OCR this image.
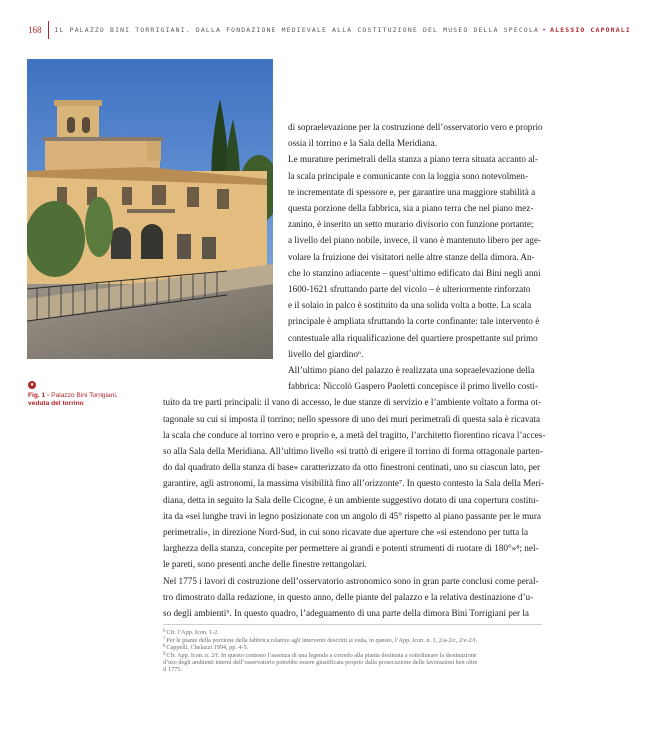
168 IL PALAZZO BINI TORRIGIANI. DALLA FONDAZIONE MEDIEVALE ALLA COSTITUZIONE DEL MUSEO DELLA SPECOLA • ALESSIO CAPORALI
●
Fig. 1 - Palazzo Bini Torrigiani,
veduta del torrino
di sopraelevazione per la costruzione dell’osservatorio vero e proprio
ossia il torrino e la Sala della Meridiana.
Le murature perimetrali della stanza a piano terra situata accanto al-
la scala principale e comunicante con la loggia sono notevolmen-
te incrementate di spessore e, per garantire una maggiore stabilità a
questa porzione della fabbrica, sia a piano terra che nel piano mez-
zanino, è inserito un setto murario divisorio con funzione portante;
a livello del piano nobile, invece, il vano è mantenuto libero per age-
volare la fruizione dei visitatori nelle altre stanze della dimora. An-
che lo stanzino adiacente – quest’ultimo edificato dai Bini negli anni
1600-1621 sfruttando parte del vicolo – è ulteriormente rinforzato
e il solaio in palco è sostituito da una solida volta a botte. La scala
principale è ampliata sfruttando la corte confinante: tale intervento è
contestuale alla riqualificazione del quartiere prospettante sul primo
livello del giardino⁶.
All’ultimo piano del palazzo è realizzata una sopraelevazione della
fabbrica: Niccolò Gaspero Paoletti concepisce il primo livello costi-
tuito da tre parti principali: il vano di accesso, le due stanze di servizio e l’ambiente voltato a forma ot-
tagonale su cui si imposta il torrino; nello spessore di uno dei muri perimetrali di questa sala è ricavata
la scala che conduce al torrino vero e proprio e, a metà del tragitto, l’architetto fiorentino ricava l’acces-
so alla Sala della Meridiana. All’ultimo livello «si trattò di erigere il torrino di forma ottagonale parten-
do dal quadrato della stanza di base» caratterizzato da otto finestroni centinati, uno su ciascun lato, per
garantire, agli astronomi, la massima visibilità fino all’orizzonte⁷. In questo contesto la Sala della Meri-
diana, detta in seguito la Sala delle Cicogne, è un ambiente suggestivo dotato di una copertura costitu-
ita da «sei lunghe travi in legno posizionate con un angolo di 45° rispetto al piano passante per le mura
perimetrali», in direzione Nord-Sud, in cui sono ricavate due aperture che «si estendono per tutta la
larghezza della stanza, concepite per permettere ai grandi e potenti strumenti di ruotare di 180°»⁸; nel-
le pareti, sono presenti anche delle finestre rettangolari.
Nel 1775 i lavori di costruzione dell’osservatorio astronomico sono in gran parte conclusi come peral-
tro dimostrato dalla redazione, in questo anno, delle piante del palazzo e la relativa destinazione d’u-
so degli ambienti⁹. In questo quadro, l’adeguamento di una parte della dimora Bini Torrigiani per la
$^6$Cfr. l’App. Icon. 1-2.
$^7$Per le piante della porzione della fabbrica relative agli interventi descritti si veda, in questo, l’App. Icon. n. 1, 2/a-2/c, 2/e-2/f.
$^8$Cappelli, Chelazzi 1994, pp. 4-5.
$^9$Cfr. App. Icon. n. 2/f. In questo contesto l’assenza di una legenda a corredo alla pianta destinata a sottolineare la destinazione
d’uso degli ambienti interni dell’osservatorio potrebbe essere giustificata proprio dalla prosecuzione delle lavorazioni ben oltre
il 1775.
